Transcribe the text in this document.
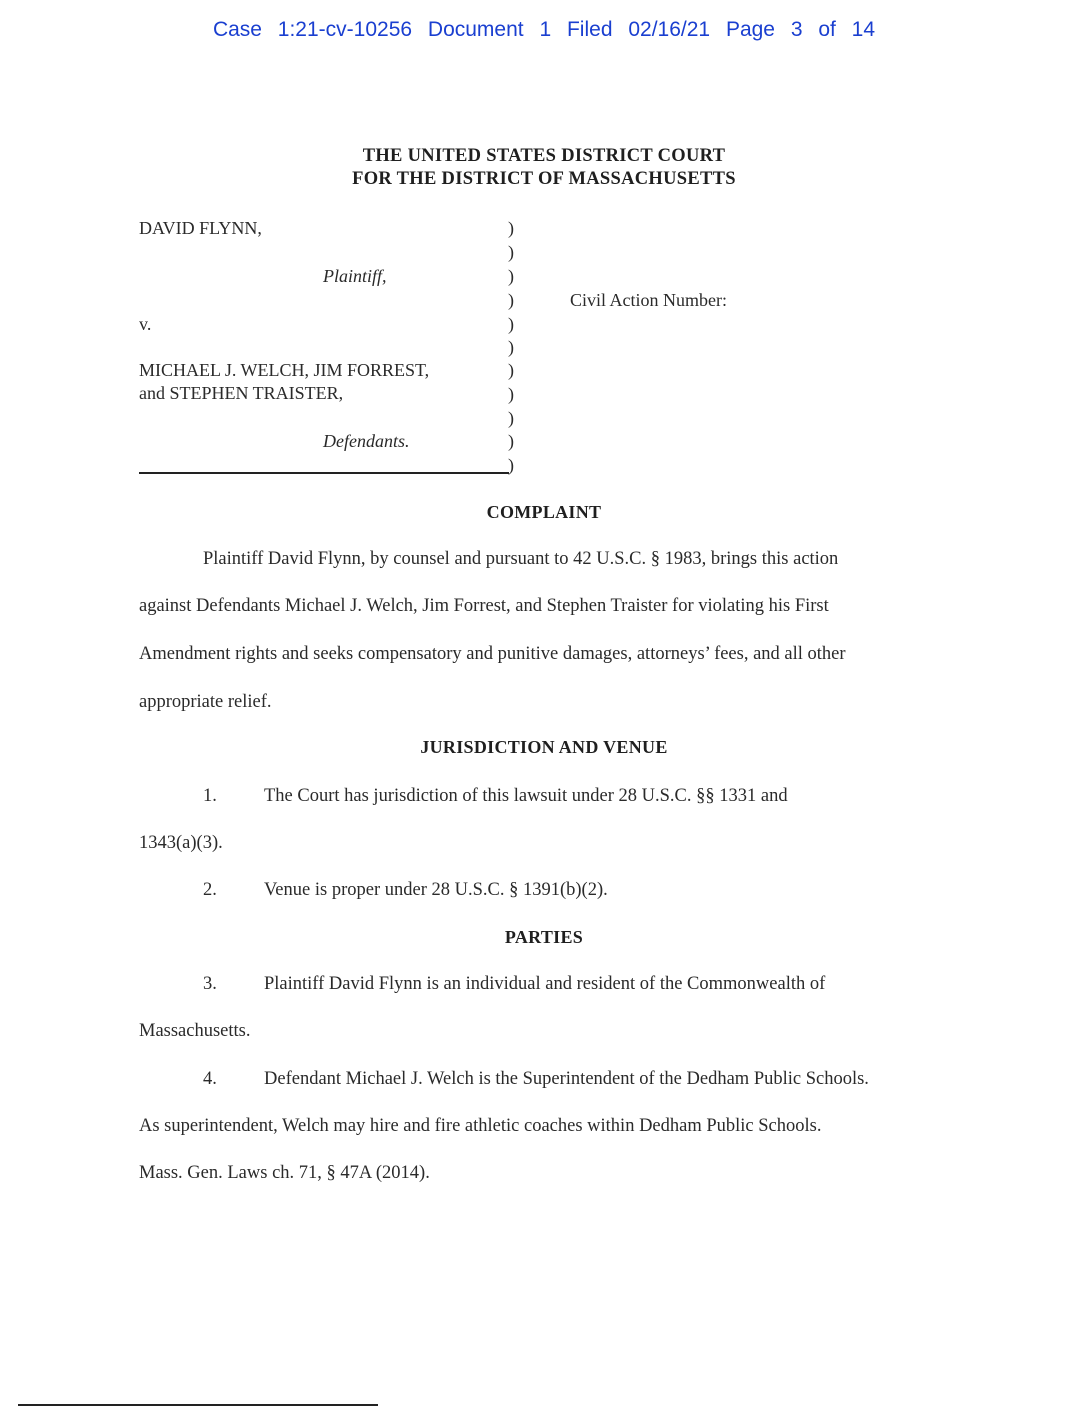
Case 1:21-cv-10256 Document 1 Filed 02/16/21 Page 3 of 14
THE UNITED STATES DISTRICT COURT
FOR THE DISTRICT OF MASSACHUSETTS
DAVID FLYNN,
Plaintiff,
v.
MICHAEL J. WELCH, JIM FORREST,
and STEPHEN TRAISTER,
Defendants.
)
)
)
)
)
)
)
)
)
)
)
Civil Action Number:
COMPLAINT
Plaintiff David Flynn, by counsel and pursuant to 42 U.S.C. § 1983, brings this action
against Defendants Michael J. Welch, Jim Forrest, and Stephen Traister for violating his First
Amendment rights and seeks compensatory and punitive damages, attorneys’ fees, and all other
appropriate relief.
JURISDICTION AND VENUE
1.	The Court has jurisdiction of this lawsuit under 28 U.S.C. §§ 1331 and
1343(a)(3).
2.	Venue is proper under 28 U.S.C. § 1391(b)(2).
PARTIES
3.	Plaintiff David Flynn is an individual and resident of the Commonwealth of
Massachusetts.
4.	Defendant Michael J. Welch is the Superintendent of the Dedham Public Schools.
As superintendent, Welch may hire and fire athletic coaches within Dedham Public Schools.
Mass. Gen. Laws ch. 71, § 47A (2014).
